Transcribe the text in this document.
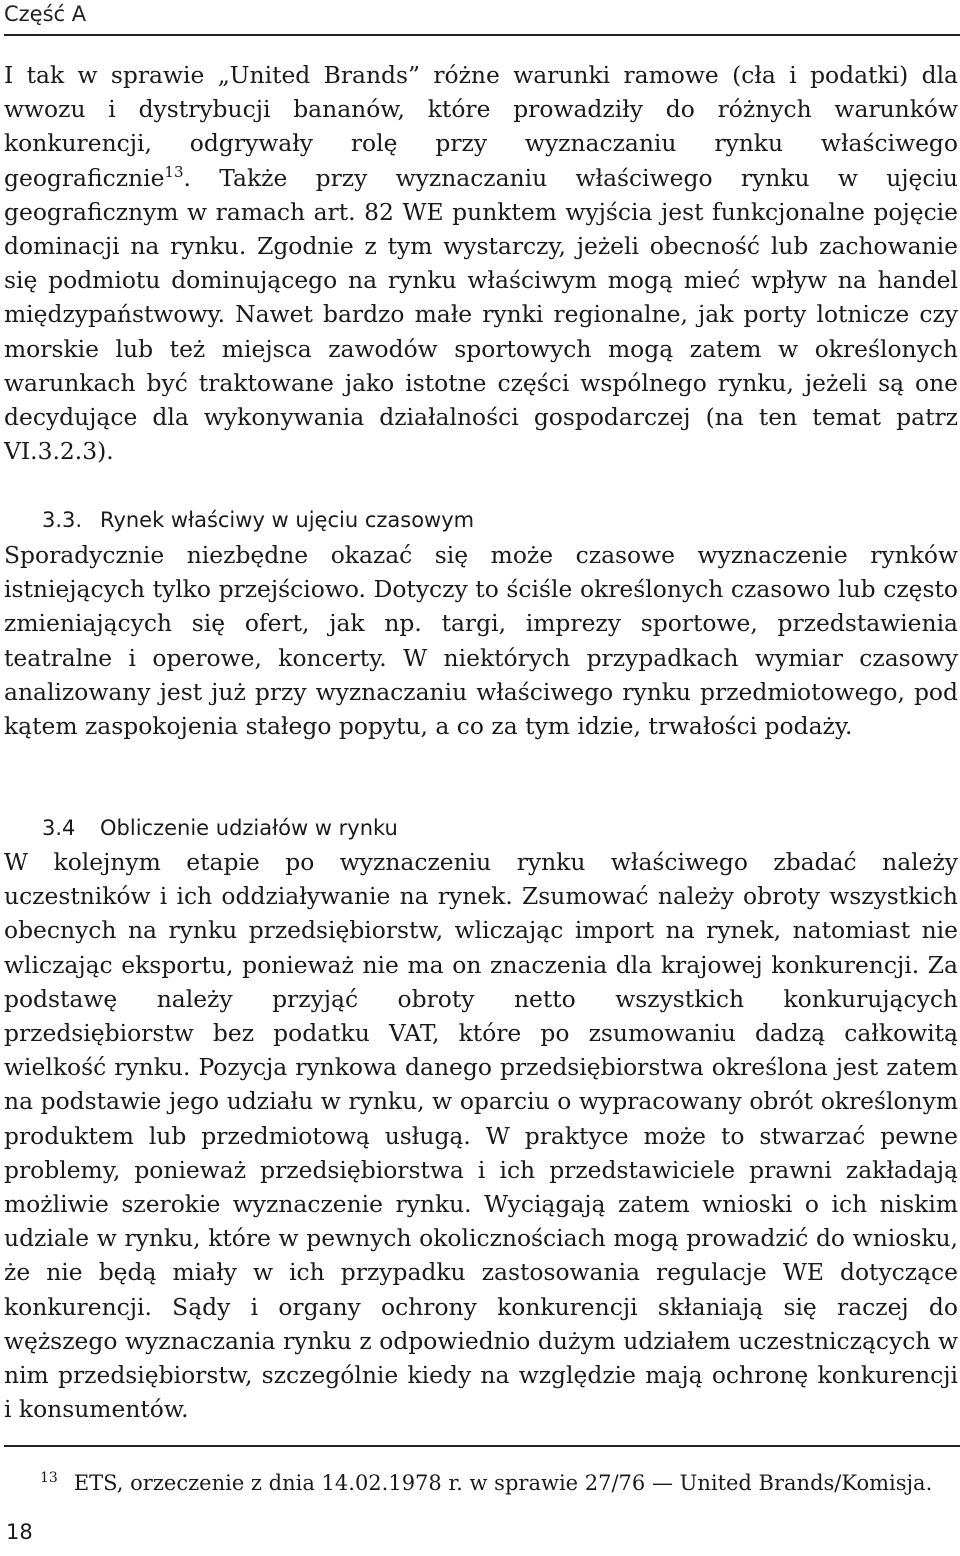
Część A

I tak w sprawie „United Brands” różne warunki ramowe (cła i podatki) dla wwozu i dystrybucji bananów, które prowadziły do różnych warunków konkurencji, odgrywały rolę przy wyznaczaniu rynku właściwego geograficznie$^{13}$. Także przy wyznaczaniu właściwego rynku w ujęciu geograficznym w ramach art. 82 WE punktem wyjścia jest funkcjonalne pojęcie dominacji na rynku. Zgodnie z tym wystarczy, jeżeli obecność lub zachowanie się podmiotu dominującego na rynku właściwym mogą mieć wpływ na handel międzypaństwowy. Nawet bardzo małe rynki regionalne, jak porty lotnicze czy morskie lub też miejsca zawodów sportowych mogą zatem w określonych warunkach być traktowane jako istotne części wspólnego rynku, jeżeli są one decydujące dla wykonywania działalności gospodarczej (na ten temat patrz VI.3.2.3).

3.3. Rynek właściwy w ujęciu czasowym

Sporadycznie niezbędne okazać się może czasowe wyznaczenie rynków istniejących tylko przejściowo. Dotyczy to ściśle określonych czasowo lub często zmieniających się ofert, jak np. targi, imprezy sportowe, przedstawienia teatralne i operowe, koncerty. W niektórych przypadkach wymiar czasowy analizowany jest już przy wyznaczaniu właściwego rynku przedmiotowego, pod kątem zaspokojenia stałego popytu, a co za tym idzie, trwałości podaży.

3.4 Obliczenie udziałów w rynku

W kolejnym etapie po wyznaczeniu rynku właściwego zbadać należy uczestników i ich oddziaływanie na rynek. Zsumować należy obroty wszystkich obecnych na rynku przedsiębiorstw, wliczając import na rynek, natomiast nie wliczając eksportu, ponieważ nie ma on znaczenia dla krajowej konkurencji. Za podstawę należy przyjąć obroty netto wszystkich konkurujących przedsiębiorstw bez podatku VAT, które po zsumowaniu dadzą całkowitą wielkość rynku. Pozycja rynkowa danego przedsiębiorstwa określona jest zatem na podstawie jego udziału w rynku, w oparciu o wypracowany obrót określonym produktem lub przedmiotową usługą. W praktyce może to stwarzać pewne problemy, ponieważ przedsiębiorstwa i ich przedstawiciele prawni zakładają możliwie szerokie wyznaczenie rynku. Wyciągają zatem wnioski o ich niskim udziale w rynku, które w pewnych okolicznościach mogą prowadzić do wniosku, że nie będą miały w ich przypadku zastosowania regulacje WE dotyczące konkurencji. Sądy i organy ochrony konkurencji skłaniają się raczej do węższego wyznaczania rynku z odpowiednio dużym udziałem uczestniczących w nim przedsiębiorstw, szczególnie kiedy na względzie mają ochronę konkurencji i konsumentów.

$^{13}$ ETS, orzeczenie z dnia 14.02.1978 r. w sprawie 27/76 — United Brands/Komisja.
18
